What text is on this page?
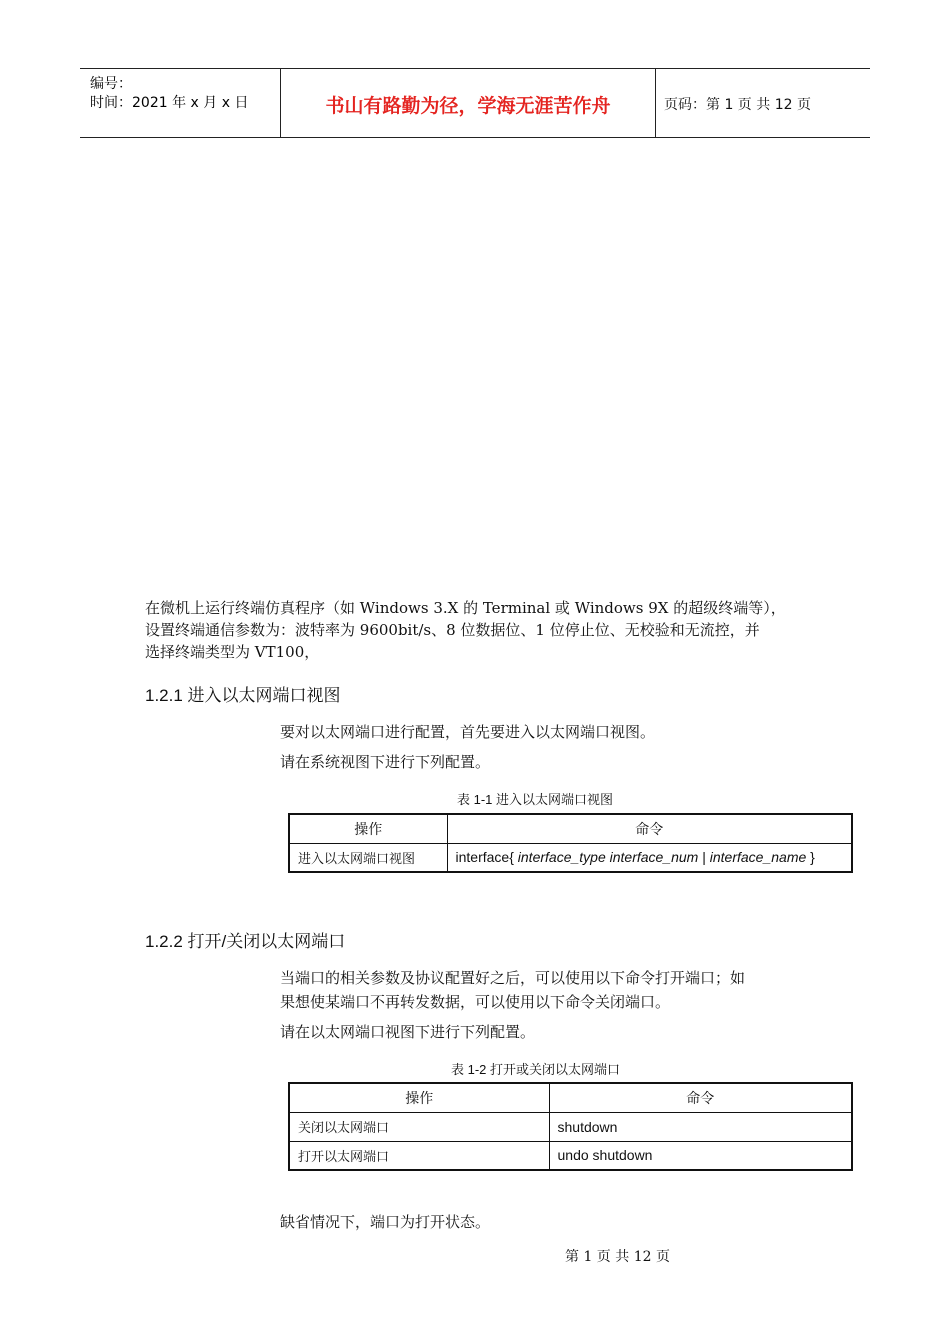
编号：
时间：2021 年 x 月 x 日	书山有路勤为径，学海无涯苦作舟	页码：第 1 页 共 12 页
在微机上运行终端仿真程序（如 Windows 3.X 的 Terminal 或 Windows 9X 的超级终端等），
设置终端通信参数为：波特率为 9600bit/s、8 位数据位、1 位停止位、无校验和无流控，并
选择终端类型为 VT100，
1.2.1 进入以太网端口视图
要对以太网端口进行配置，首先要进入以太网端口视图。
请在系统视图下进行下列配置。
表 1-1 进入以太网端口视图
操作	命令
进入以太网端口视图	interface{ interface_type interface_num | interface_name }
1.2.2 打开/关闭以太网端口
当端口的相关参数及协议配置好之后，可以使用以下命令打开端口；如
果想使某端口不再转发数据，可以使用以下命令关闭端口。
请在以太网端口视图下进行下列配置。
表 1-2 打开或关闭以太网端口
操作	命令
关闭以太网端口	shutdown
打开以太网端口	undo shutdown
缺省情况下，端口为打开状态。
第 1 页 共 12 页
